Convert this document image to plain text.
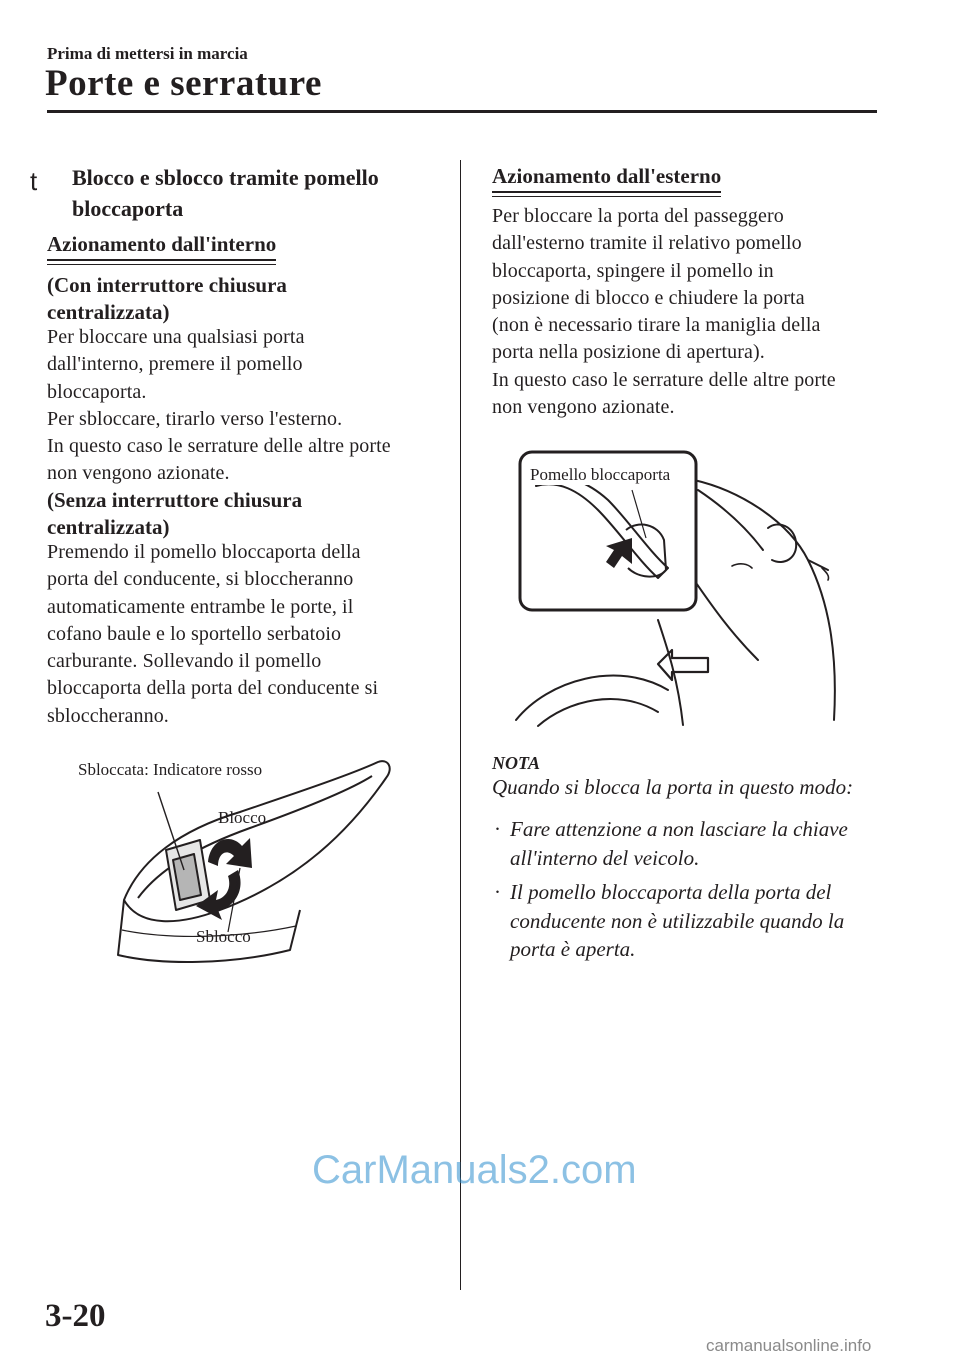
Prima di mettersi in marcia
Porte e serrature
t Blocco e sblocco tramite pomello bloccaporta
Azionamento dall'interno
(Con interruttore chiusura centralizzata)
Per bloccare una qualsiasi porta
dall'interno, premere il pomello
bloccaporta.
Per sbloccare, tirarlo verso l'esterno.
In questo caso le serrature delle altre porte
non vengono azionate.
(Senza interruttore chiusura centralizzata)
Premendo il pomello bloccaporta della
porta del conducente, si bloccheranno
automaticamente entrambe le porte, il
cofano baule e lo sportello serbatoio
carburante. Sollevando il pomello
bloccaporta della porta del conducente si
sbloccheranno.
Sbloccata: Indicatore rosso
Blocco
Sblocco
Azionamento dall'esterno
Per bloccare la porta del passeggero
dall'esterno tramite il relativo pomello
bloccaporta, spingere il pomello in
posizione di blocco e chiudere la porta
(non è necessario tirare la maniglia della
porta nella posizione di apertura).
In questo caso le serrature delle altre porte
non vengono azionate.
Pomello bloccaporta
NOTA
Quando si blocca la porta in questo modo:
· Fare attenzione a non lasciare la chiave all'interno del veicolo.
· Il pomello bloccaporta della porta del conducente non è utilizzabile quando la porta è aperta.
3-20
CarManuals2.com
carmanualsonline.info
